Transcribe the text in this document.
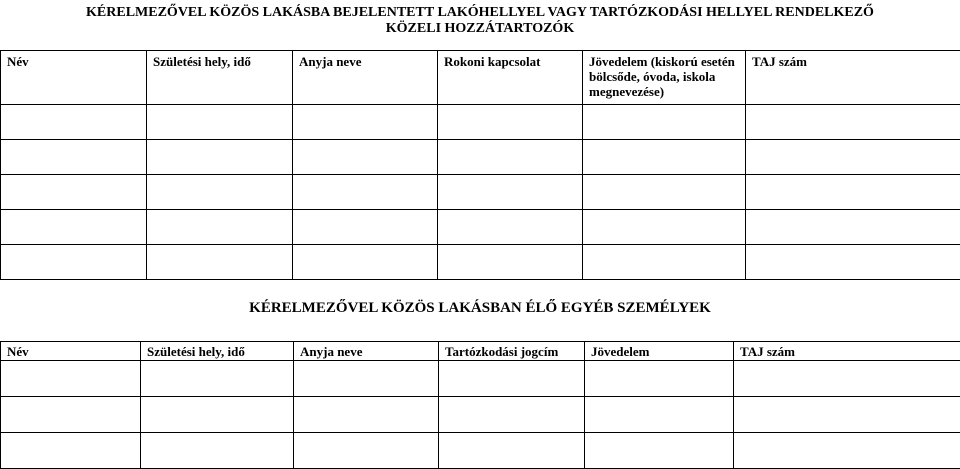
KÉRELMEZŐVEL KÖZÖS LAKÁSBA BEJELENTETT LAKÓHELLYEL VAGY TARTÓZKODÁSI HELLYEL RENDELKEZŐ
KÖZELI HOZZÁTARTOZÓK
Név	Születési hely, idő	Anyja neve	Rokoni kapcsolat	Jövedelem (kiskorú esetén bölcsőde, óvoda, iskola megnevezése)	TAJ szám

KÉRELMEZŐVEL KÖZÖS LAKÁSBAN ÉLŐ EGYÉB SZEMÉLYEK
Név	Születési hely, idő	Anyja neve	Tartózkodási jogcím	Jövedelem	TAJ szám
